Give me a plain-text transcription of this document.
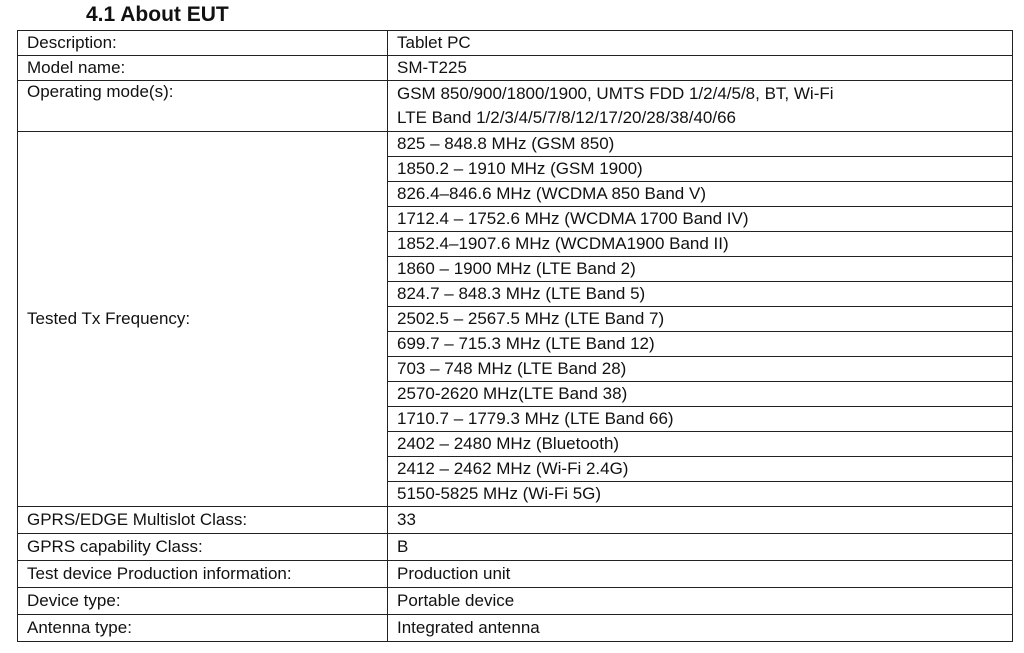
4.1 About EUT
Description:	Tablet PC
Model name:	SM-T225
Operating mode(s):	GSM 850/900/1800/1900, UMTS FDD 1/2/4/5/8, BT, Wi-Fi
LTE Band 1/2/3/4/5/7/8/12/17/20/28/38/40/66

Tested Tx Frequency:	825 – 848.8 MHz (GSM 850)
	1850.2 – 1910 MHz (GSM 1900)
	826.4–846.6 MHz (WCDMA 850 Band V)
	1712.4 – 1752.6 MHz (WCDMA 1700 Band IV)
	1852.4–1907.6 MHz (WCDMA1900 Band II)
	1860 – 1900 MHz (LTE Band 2)
	824.7 – 848.3 MHz (LTE Band 5)
	2502.5 – 2567.5 MHz (LTE Band 7)
	699.7 – 715.3 MHz (LTE Band 12)
	703 – 748 MHz (LTE Band 28)
	2570-2620 MHz(LTE Band 38)
	1710.7 – 1779.3 MHz (LTE Band 66)
	2402 – 2480 MHz (Bluetooth)
	2412 – 2462 MHz (Wi-Fi 2.4G)
	5150-5825 MHz (Wi-Fi 5G)
GPRS/EDGE Multislot Class:	33
GPRS capability Class:	B
Test device Production information:	Production unit
Device type:	Portable device
Antenna type:	Integrated antenna
